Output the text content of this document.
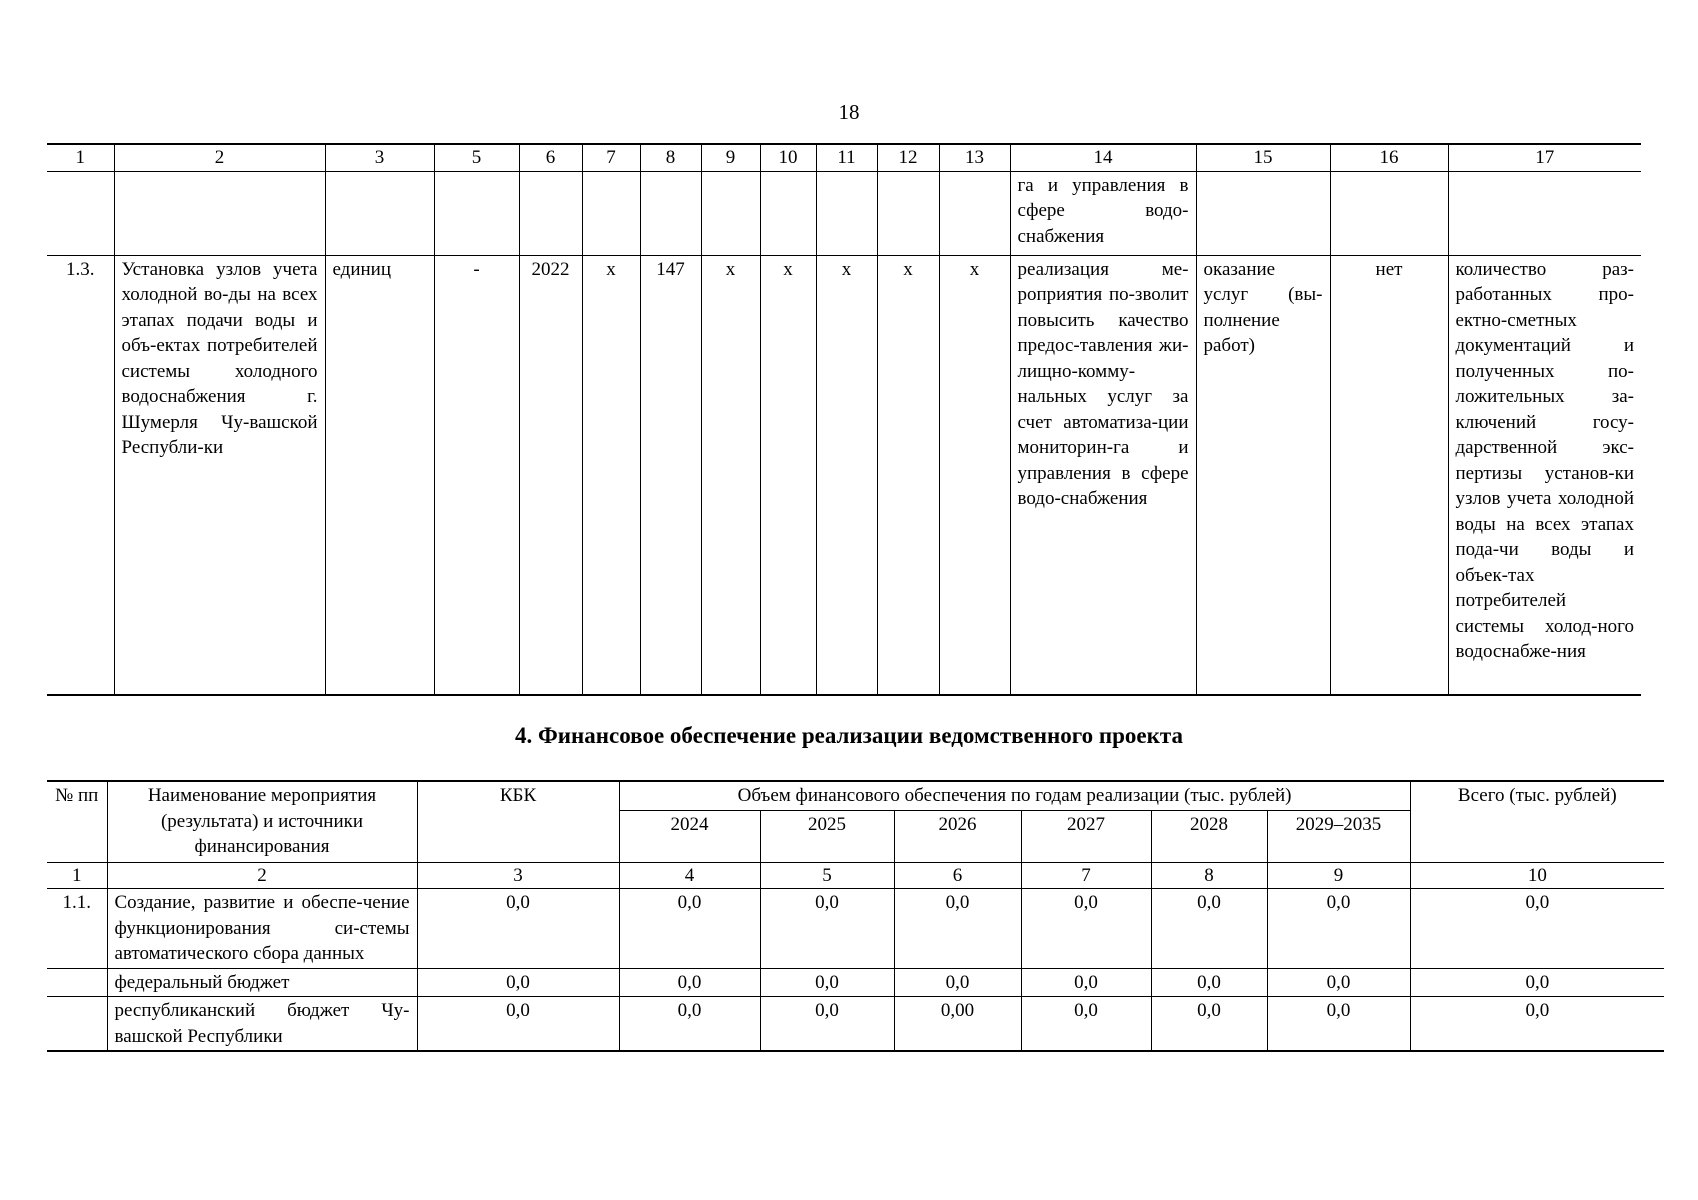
18
1	2	3	5	6	7	8	9	10	11	12	13	14	15	16	17
												га и управления в сфере водо-снабжения			
1.3.	Установка узлов учета холодной во-ды на всех этапах подачи воды и объ-ектах потребителей системы холодного водоснабжения г. Шумерля Чу-вашской Республи-ки	единиц	-	2022	x	147	x	x	x	x	x	реализация ме-роприятия по-зволит повысить качество предос-тавления жи-лищно-комму-нальных услуг за счет автоматиза-ции мониторин-га и управления в сфере водо-снабжения	оказание услуг (вы-полнение работ)	нет	количество раз-работанных про-ектно-сметных документаций и полученных по-ложительных за-ключений госу-дарственной экс-пертизы установ-ки узлов учета холодной воды на всех этапах пода-чи воды и объек-тах потребителей системы холод-ного водоснабже-ния
4. Финансовое обеспечение реализации ведомственного проекта
№ пп	Наименование мероприятия (результата) и источники финансирования	КБК	Объем финансового обеспечения по годам реализации (тыс. рублей)						Всего (тыс. рублей)
			2024	2025	2026	2027	2028	2029–2035	
1	2	3	4	5	6	7	8	9	10
1.1.	Создание, развитие и обеспе-чение функционирования си-стемы автоматического сбора данных	0,0	0,0	0,0	0,0	0,0	0,0	0,0	0,0
	федеральный бюджет	0,0	0,0	0,0	0,0	0,0	0,0	0,0	0,0
	республиканский бюджет Чу-вашской Республики	0,0	0,0	0,0	0,00	0,0	0,0	0,0	0,0
